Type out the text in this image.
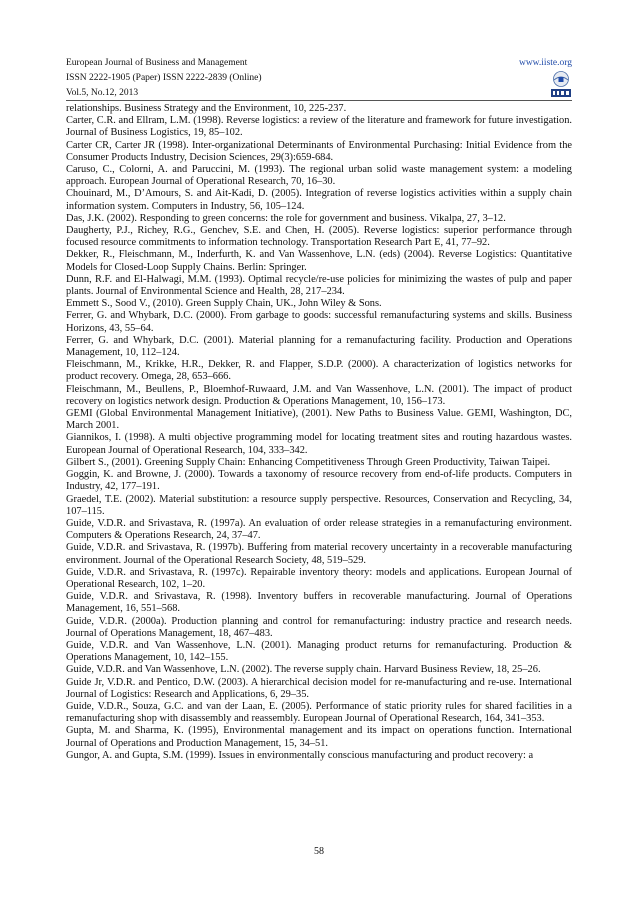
European Journal of Business and Management
ISSN 2222-1905 (Paper) ISSN 2222-2839 (Online)
Vol.5, No.12, 2013
www.iiste.org

relationships. Business Strategy and the Environment, 10, 225-237.

Carter, C.R. and Ellram, L.M. (1998). Reverse logistics: a review of the literature and framework for future investigation. Journal of Business Logistics, 19, 85–102.

Carter CR, Carter JR (1998). Inter-organizational Determinants of Environmental Purchasing: Initial Evidence from the Consumer Products Industry, Decision Sciences, 29(3):659-684.

Caruso, C., Colorni, A. and Paruccini, M. (1993). The regional urban solid waste management system: a modeling approach. European Journal of Operational Research, 70, 16–30.

Chouinard, M., D’Amours, S. and Ait-Kadi, D. (2005). Integration of reverse logistics activities within a supply chain information system. Computers in Industry, 56, 105–124.

Das, J.K. (2002). Responding to green concerns: the role for government and business. Vikalpa, 27, 3–12.

Daugherty, P.J., Richey, R.G., Genchev, S.E. and Chen, H. (2005). Reverse logistics: superior performance through focused resource commitments to information technology. Transportation Research Part E, 41, 77–92.

Dekker, R., Fleischmann, M., Inderfurth, K. and Van Wassenhove, L.N. (eds) (2004). Reverse Logistics: Quantitative Models for Closed-Loop Supply Chains. Berlin: Springer.

Dunn, R.F. and El-Halwagi, M.M. (1993). Optimal recycle/re-use policies for minimizing the wastes of pulp and paper plants. Journal of Environmental Science and Health, 28, 217–234.

Emmett S., Sood V., (2010). Green Supply Chain, UK., John Wiley & Sons.

Ferrer, G. and Whybark, D.C. (2000). From garbage to goods: successful remanufacturing systems and skills. Business Horizons, 43, 55–64.

Ferrer, G. and Whybark, D.C. (2001). Material planning for a remanufacturing facility. Production and Operations Management, 10, 112–124.

Fleischmann, M., Krikke, H.R., Dekker, R. and Flapper, S.D.P. (2000). A characterization of logistics networks for product recovery. Omega, 28, 653–666.

Fleischmann, M., Beullens, P., Bloemhof-Ruwaard, J.M. and Van Wassenhove, L.N. (2001). The impact of product recovery on logistics network design. Production & Operations Management, 10, 156–173.

GEMI (Global Environmental Management Initiative), (2001). New Paths to Business Value. GEMI, Washington, DC, March 2001.

Giannikos, I. (1998). A multi objective programming model for locating treatment sites and routing hazardous wastes. European Journal of Operational Research, 104, 333–342.

Gilbert S., (2001). Greening Supply Chain: Enhancing Competitiveness Through Green Productivity, Taiwan Taipei.

Goggin, K. and Browne, J. (2000). Towards a taxonomy of resource recovery from end-of-life products. Computers in Industry, 42, 177–191.

Graedel, T.E. (2002). Material substitution: a resource supply perspective. Resources, Conservation and Recycling, 34, 107–115.

Guide, V.D.R. and Srivastava, R. (1997a). An evaluation of order release strategies in a remanufacturing environment. Computers & Operations Research, 24, 37–47.

Guide, V.D.R. and Srivastava, R. (1997b). Buffering from material recovery uncertainty in a recoverable manufacturing environment. Journal of the Operational Research Society, 48, 519–529.

Guide, V.D.R. and Srivastava, R. (1997c). Repairable inventory theory: models and applications. European Journal of Operational Research, 102, 1–20.

Guide, V.D.R. and Srivastava, R. (1998). Inventory buffers in recoverable manufacturing. Journal of Operations Management, 16, 551–568.

Guide, V.D.R. (2000a). Production planning and control for remanufacturing: industry practice and research needs. Journal of Operations Management, 18, 467–483.

Guide, V.D.R. and Van Wassenhove, L.N. (2001). Managing product returns for remanufacturing. Production & Operations Management, 10, 142–155.

Guide, V.D.R. and Van Wassenhove, L.N. (2002). The reverse supply chain. Harvard Business Review, 18, 25–26.

Guide Jr, V.D.R. and Pentico, D.W. (2003). A hierarchical decision model for re-manufacturing and re-use. International Journal of Logistics: Research and Applications, 6, 29–35.

Guide, V.D.R., Souza, G.C. and van der Laan, E. (2005). Performance of static priority rules for shared facilities in a remanufacturing shop with disassembly and reassembly. European Journal of Operational Research, 164, 341–353.

Gupta, M. and Sharma, K. (1995), Environmental management and its impact on operations function. International Journal of Operations and Production Management, 15, 34–51.

Gungor, A. and Gupta, S.M. (1999). Issues in environmentally conscious manufacturing and product recovery: a

58
